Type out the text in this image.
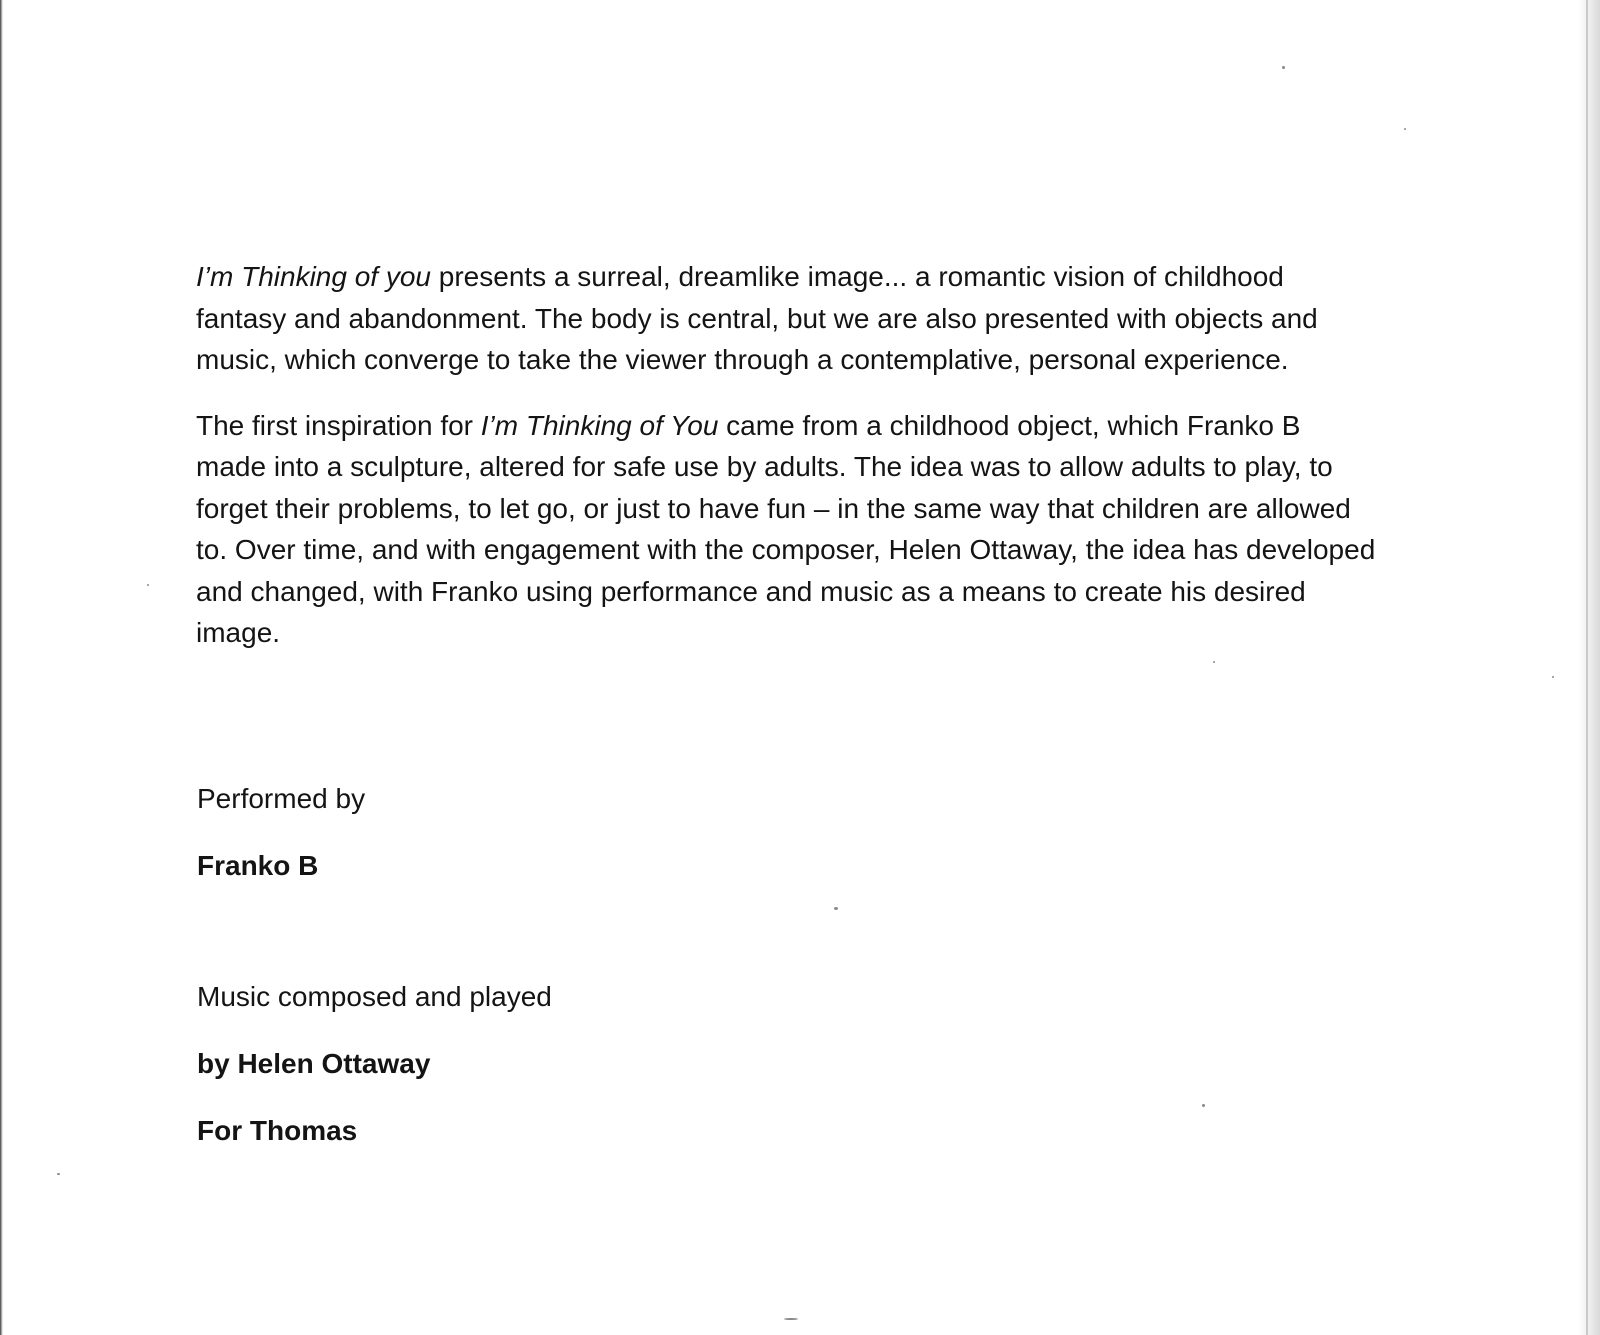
I’m Thinking of you presents a surreal, dreamlike image... a romantic vision of childhood fantasy and abandonment. The body is central, but we are also presented with objects and music, which converge to take the viewer through a contemplative, personal experience.

The first inspiration for I’m Thinking of You came from a childhood object, which Franko B made into a sculpture, altered for safe use by adults. The idea was to allow adults to play, to forget their problems, to let go, or just to have fun – in the same way that children are allowed to. Over time, and with engagement with the composer, Helen Ottaway, the idea has developed and changed, with Franko using performance and music as a means to create his desired image.

Performed by
Franko B
Music composed and played
by Helen Ottaway
For Thomas
